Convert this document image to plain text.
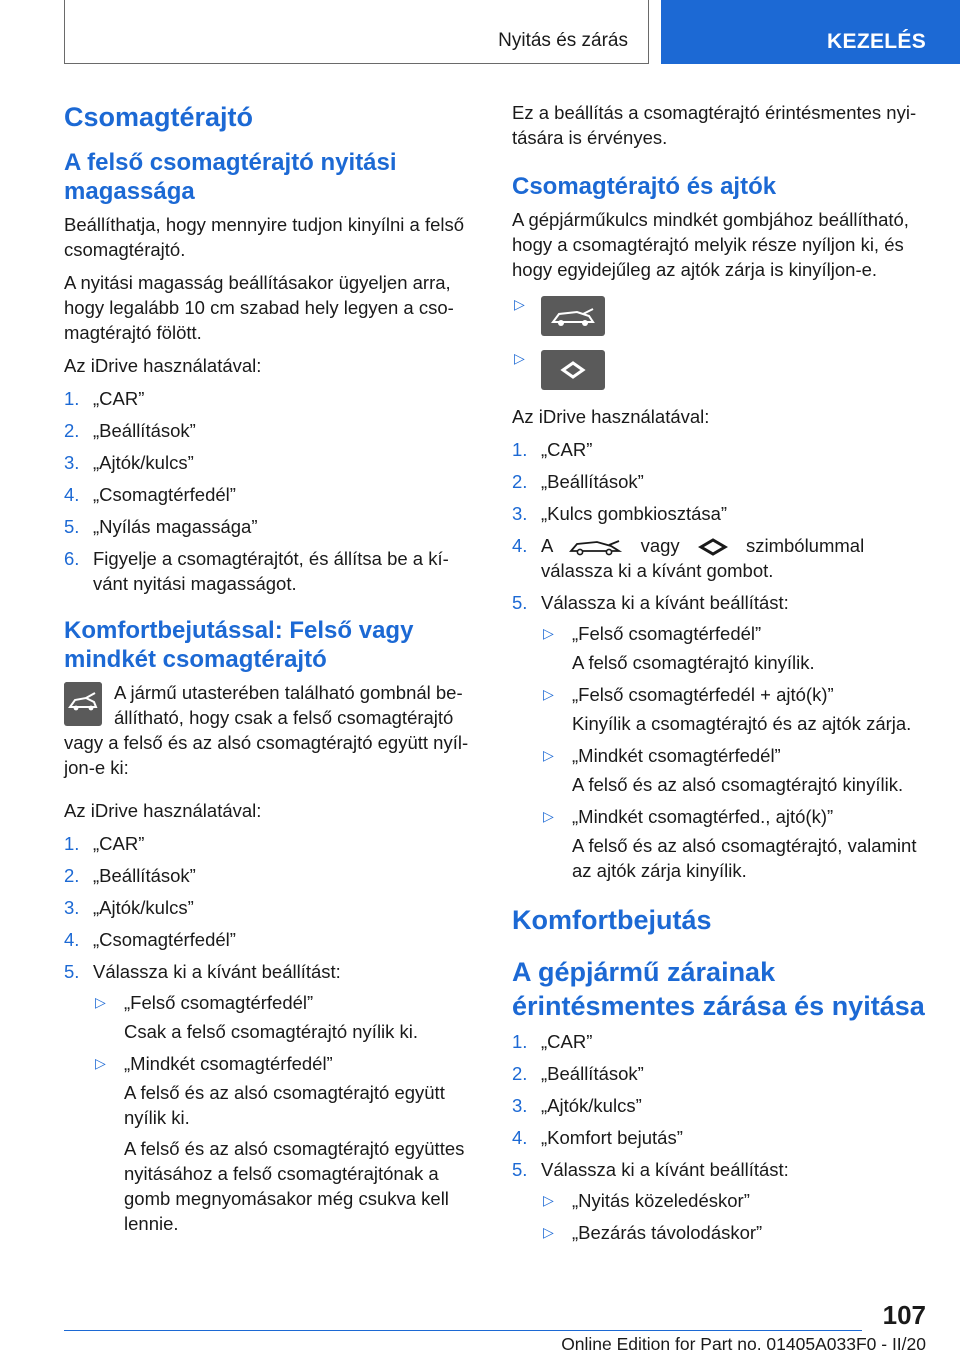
Nyitás és zárás	KEZELÉS
Csomagtérajtó
A felső csomagtérajtó nyitási magassága

Beállíthatja, hogy mennyire tudjon kinyílni a felső csomagtérajtó.

A nyitási magasság beállításakor ügyeljen arra, hogy legalább 10 cm szabad hely legyen a csomagtérajtó fölött.

Az iDrive használatával:

1. „CAR”
2. „Beállítások”
3. „Ajtók/kulcs”
4. „Csomagtérfedél”
5. „Nyílás magassága”
6. Figyelje a csomagtérajtót, és állítsa be a kívánt nyitási magasságot.
Komfortbejutással: Felső vagy mindkét csomagtérajtó

A jármű utasterében található gombnál beállítható, hogy csak a felső csomagtérajtó vagy a felső és az alsó csomagtérajtó együtt nyíljon-e ki:

Az iDrive használatával:

1. „CAR”
2. „Beállítások”
3. „Ajtók/kulcs”
4. „Csomagtérfedél”
5. Válassza ki a kívánt beállítást:
▷ „Felső csomagtérfedél”
Csak a felső csomagtérajtó nyílik ki.
▷ „Mindkét csomagtérfedél”
A felső és az alsó csomagtérajtó együtt nyílik ki.
A felső és az alsó csomagtérajtó együttes nyitásához a felső csomagtérajtónak a gomb megnyomásakor még csukva kell lennie.

Ez a beállítás a csomagtérajtó érintésmentes nyitására is érvényes.

Csomagtérajtó és ajtók

A gépjárműkulcs mindkét gombjához beállítható, hogy a csomagtérajtó melyik része nyíljon ki, és hogy egyidejűleg az ajtók zárja is kinyíljon-e.

▷
▷

Az iDrive használatával:

1. „CAR”
2. „Beállítások”
3. „Kulcs gombkiosztása”
4. A	vagy	szimbólummal válassza ki a kívánt gombot.
5. Válassza ki a kívánt beállítást:
▷ „Felső csomagtérfedél”
A felső csomagtérajtó kinyílik.
▷ „Felső csomagtérfedél + ajtó(k)”
Kinyílik a csomagtérajtó és az ajtók zárja.
▷ „Mindkét csomagtérfedél”
A felső és az alsó csomagtérajtó kinyílik.
▷ „Mindkét csomagtérfed., ajtó(k)”
A felső és az alsó csomagtérajtó, valamint az ajtók zárja kinyílik.
Komfortbejutás
A gépjármű zárainak érintésmentes zárása és nyitása
1. „CAR”
2. „Beállítások”
3. „Ajtók/kulcs”
4. „Komfort bejutás”
5. Válassza ki a kívánt beállítást:
▷ „Nyitás közeledéskor”
▷ „Bezárás távolodáskor”
107
Online Edition for Part no. 01405A033F0 - II/20
